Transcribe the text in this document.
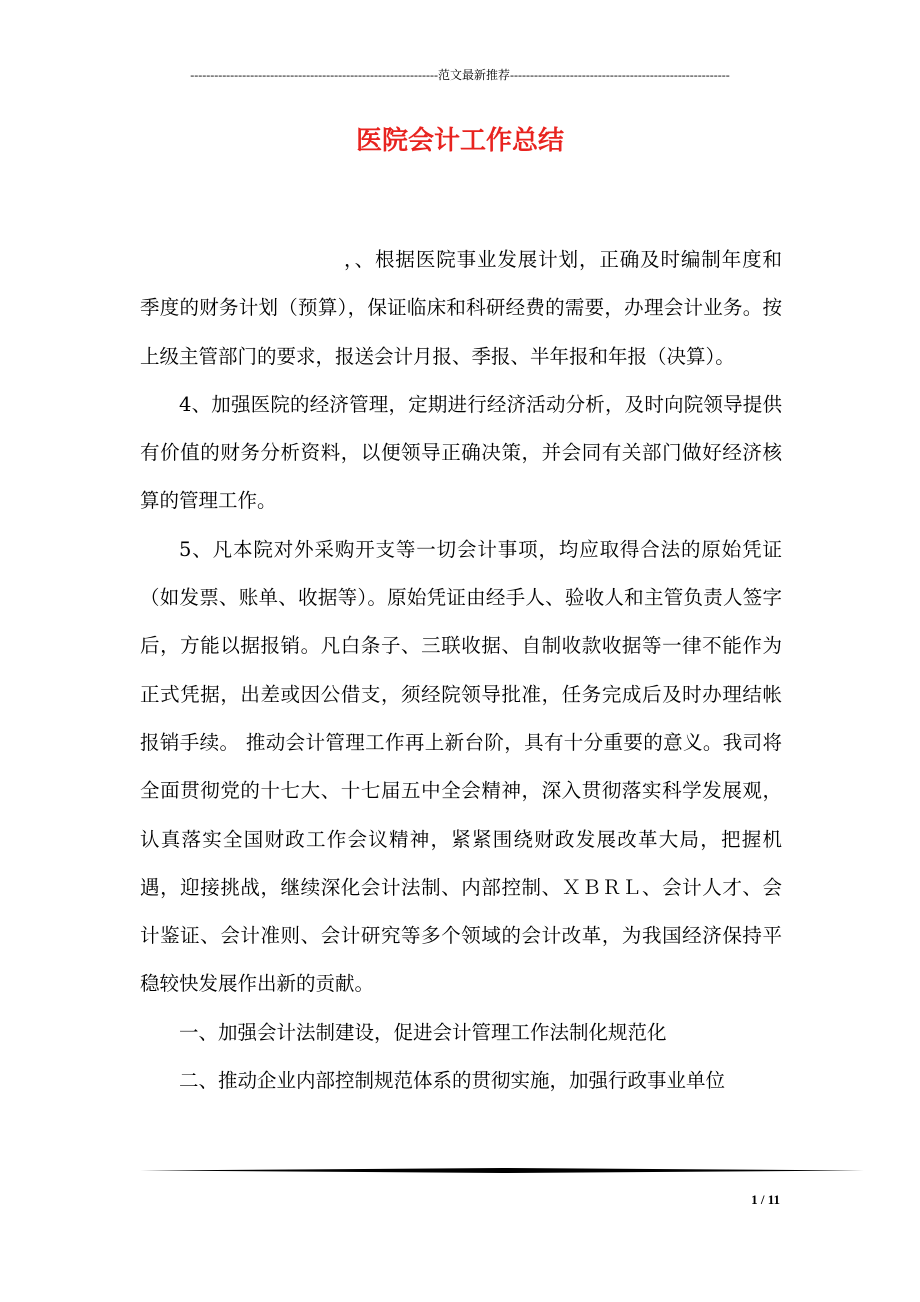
--------------------------------------------------------------范文最新推荐-------------------------------------------------------
医院会计工作总结

，、根据医院事业发展计划，正确及时编制年度和季度的财务计划（预算），保证临床和科研经费的需要，办理会计业务。按上级主管部门的要求，报送会计月报、季报、半年报和年报（决算）。

4、加强医院的经济管理，定期进行经济活动分析，及时向院领导提供有价值的财务分析资料，以便领导正确决策，并会同有关部门做好经济核算的管理工作。

5、凡本院对外采购开支等一切会计事项，均应取得合法的原始凭证（如发票、账单、收据等）。原始凭证由经手人、验收人和主管负责人签字后，方能以据报销。凡白条子、三联收据、自制收款收据等一律不能作为正式凭据，出差或因公借支，须经院领导批准，任务完成后及时办理结帐报销手续。 推动会计管理工作再上新台阶，具有十分重要的意义。我司将全面贯彻党的十七大、十七届五中全会精神，深入贯彻落实科学发展观，认真落实全国财政工作会议精神，紧紧围绕财政发展改革大局，把握机遇，迎接挑战，继续深化会计法制、内部控制、ＸＢＲＬ、会计人才、会计鉴证、会计准则、会计研究等多个领域的会计改革，为我国经济保持平稳较快发展作出新的贡献。

一、加强会计法制建设，促进会计管理工作法制化规范化

二、推动企业内部控制规范体系的贯彻实施，加强行政事业单位

1 / 11
